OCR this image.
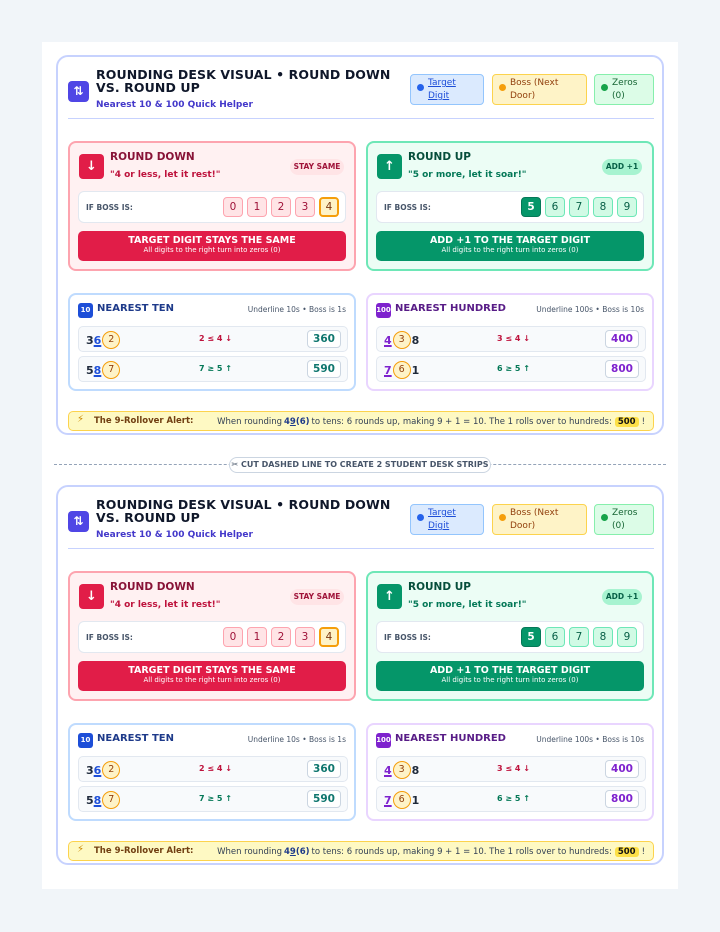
⇅
ROUNDING DESK VISUAL • ROUND DOWN VS. ROUND UP
Nearest 10 & 100 Quick Helper
Target Digit
Boss (Next Door)
Zeros (0)
↓
ROUND DOWN
"4 or less, let it rest!"
STAY SAME
IF BOSS IS:	0	1	2	3	4
TARGET DIGIT STAYS THE SAME
All digits to the right turn into zeros (0)
↑
ROUND UP
"5 or more, let it soar!"
ADD +1
IF BOSS IS:	5	6	7	8	9
ADD +1 TO THE TARGET DIGIT
All digits to the right turn into zeros (0)
10 NEAREST TEN	Underline 10s • Boss is 1s
3 6 2	2 ≤ 4 ↓	360
5 8 7	7 ≥ 5 ↑	590
100 NEAREST HUNDRED	Underline 100s • Boss is 10s
4 3 8	3 ≤ 4 ↓	400
7 6 1	6 ≥ 5 ↑	800
⚡ The 9-Rollover Alert:	When rounding 49(6) to tens: 6 rounds up, making 9 + 1 = 10. The 1 rolls over to hundreds: 500 !
✂ CUT DASHED LINE TO CREATE 2 STUDENT DESK STRIPS
⇅
ROUNDING DESK VISUAL • ROUND DOWN VS. ROUND UP
Nearest 10 & 100 Quick Helper
Target Digit
Boss (Next Door)
Zeros (0)
↓
ROUND DOWN
"4 or less, let it rest!"
STAY SAME
IF BOSS IS:	0	1	2	3	4
TARGET DIGIT STAYS THE SAME
All digits to the right turn into zeros (0)
↑
ROUND UP
"5 or more, let it soar!"
ADD +1
IF BOSS IS:	5	6	7	8	9
ADD +1 TO THE TARGET DIGIT
All digits to the right turn into zeros (0)
10 NEAREST TEN	Underline 10s • Boss is 1s
3 6 2	2 ≤ 4 ↓	360
5 8 7	7 ≥ 5 ↑	590
100 NEAREST HUNDRED	Underline 100s • Boss is 10s
4 3 8	3 ≤ 4 ↓	400
7 6 1	6 ≥ 5 ↑	800
⚡ The 9-Rollover Alert:	When rounding 49(6) to tens: 6 rounds up, making 9 + 1 = 10. The 1 rolls over to hundreds: 500 !
